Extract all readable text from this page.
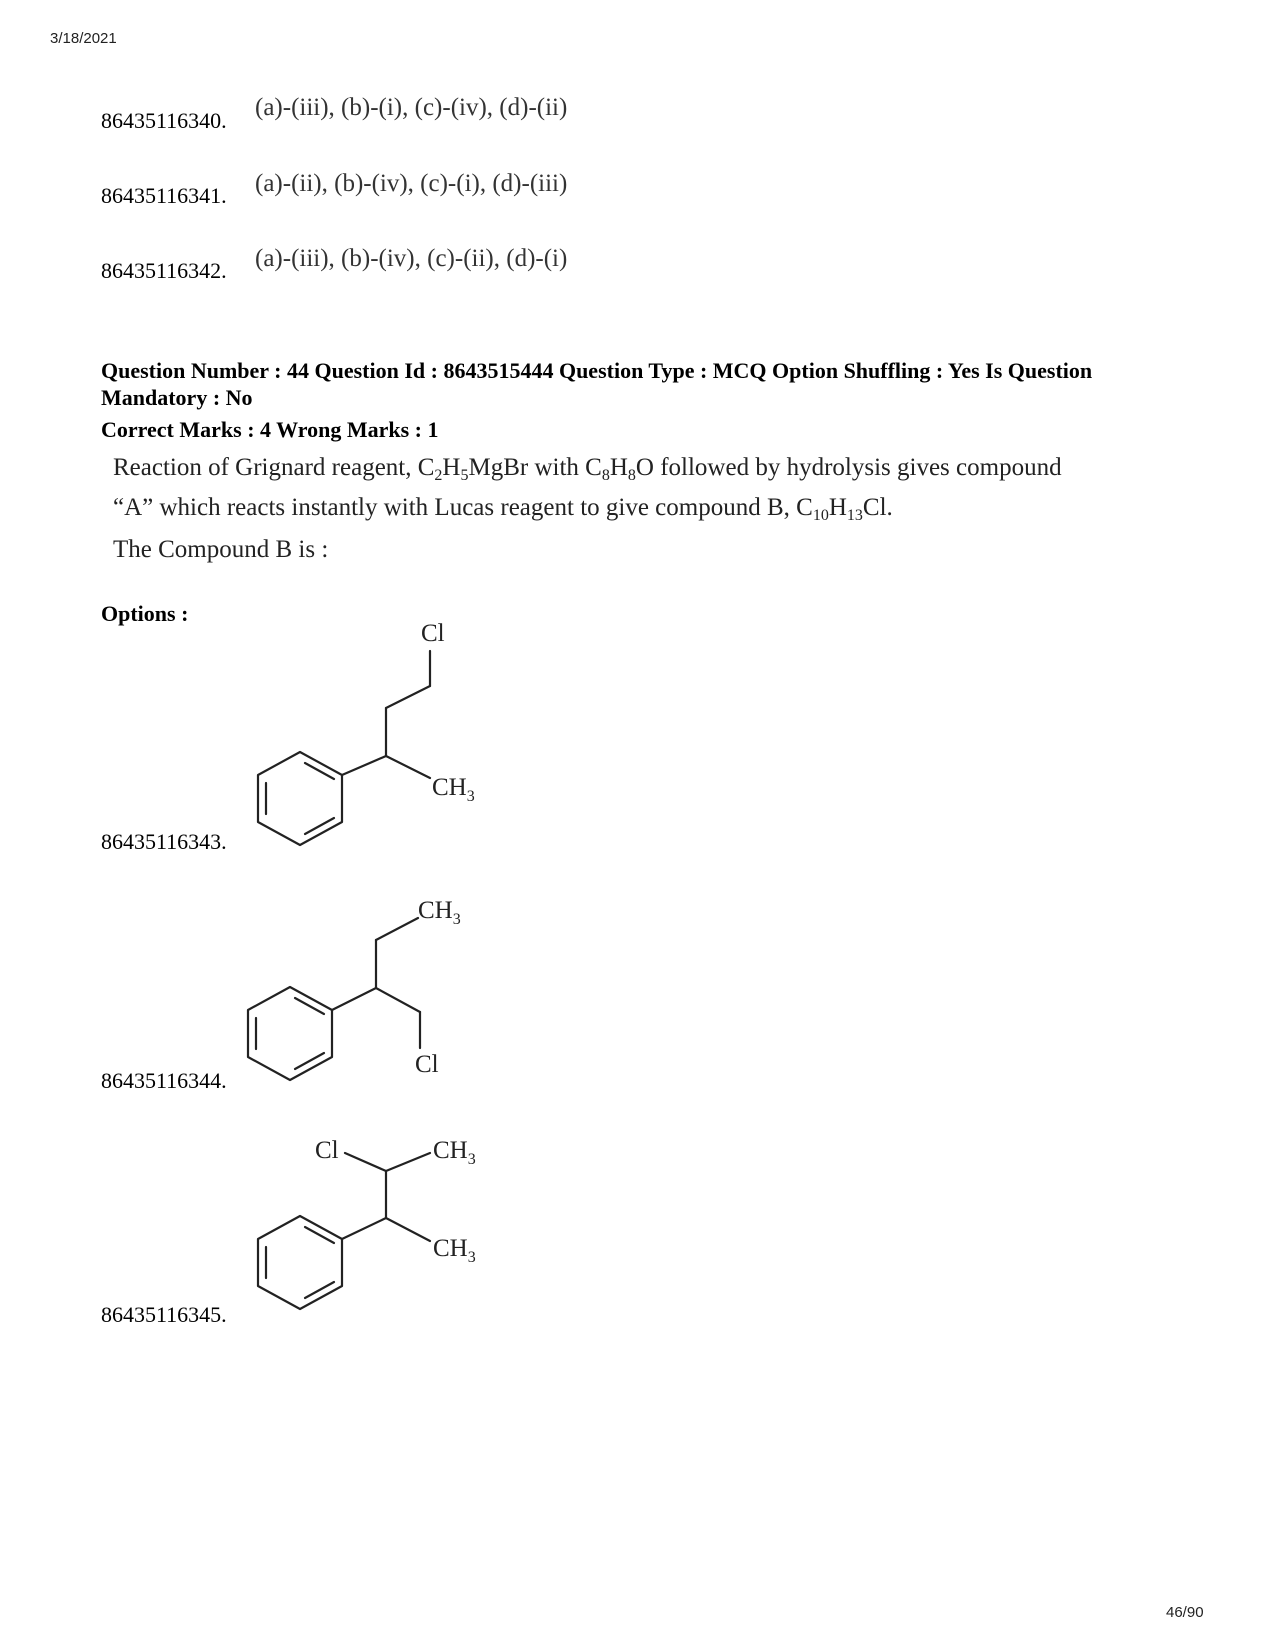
3/18/2021
86435116340. (a)-(iii), (b)-(i), (c)-(iv), (d)-(ii)
86435116341. (a)-(ii), (b)-(iv), (c)-(i), (d)-(iii)
86435116342. (a)-(iii), (b)-(iv), (c)-(ii), (d)-(i)
Question Number : 44 Question Id : 8643515444 Question Type : MCQ Option Shuffling : Yes Is Question Mandatory : No
Correct Marks : 4 Wrong Marks : 1
Reaction of Grignard reagent, $C_2H_5MgBr$ with $C_8H_8O$ followed by hydrolysis gives compound
“A” which reacts instantly with Lucas reagent to give compound B, $C_{10}H_{13}Cl$.
The Compound B is :
Options :
Cl
$CH_3$
86435116343.
$CH_3$
Cl
86435116344.
Cl	$CH_3$
$CH_3$
86435116345.
46/90
